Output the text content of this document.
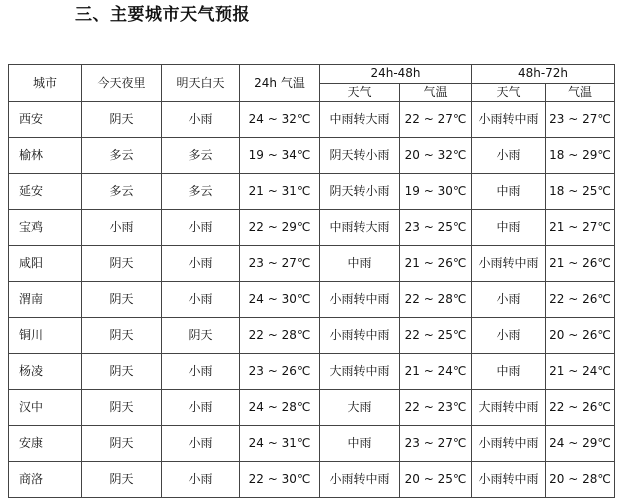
三、主要城市天气预报
城市	今天夜里	明天白天	24h 气温	24h-48h		48h-72h	
				天气	气温	天气	气温
西安	阴天	小雨	24 ~ 32℃	中雨转大雨	22 ~ 27℃	小雨转中雨	23 ~ 27℃
榆林	多云	多云	19 ~ 34℃	阴天转小雨	20 ~ 32℃	小雨	18 ~ 29℃
延安	多云	多云	21 ~ 31℃	阴天转小雨	19 ~ 30℃	中雨	18 ~ 25℃
宝鸡	小雨	小雨	22 ~ 29℃	中雨转大雨	23 ~ 25℃	中雨	21 ~ 27℃
咸阳	阴天	小雨	23 ~ 27℃	中雨	21 ~ 26℃	小雨转中雨	21 ~ 26℃
渭南	阴天	小雨	24 ~ 30℃	小雨转中雨	22 ~ 28℃	小雨	22 ~ 26℃
铜川	阴天	阴天	22 ~ 28℃	小雨转中雨	22 ~ 25℃	小雨	20 ~ 26℃
杨凌	阴天	小雨	23 ~ 26℃	大雨转中雨	21 ~ 24℃	中雨	21 ~ 24℃
汉中	阴天	小雨	24 ~ 28℃	大雨	22 ~ 23℃	大雨转中雨	22 ~ 26℃
安康	阴天	小雨	24 ~ 31℃	中雨	23 ~ 27℃	小雨转中雨	24 ~ 29℃
商洛	阴天	小雨	22 ~ 30℃	小雨转中雨	20 ~ 25℃	小雨转中雨	20 ~ 28℃
